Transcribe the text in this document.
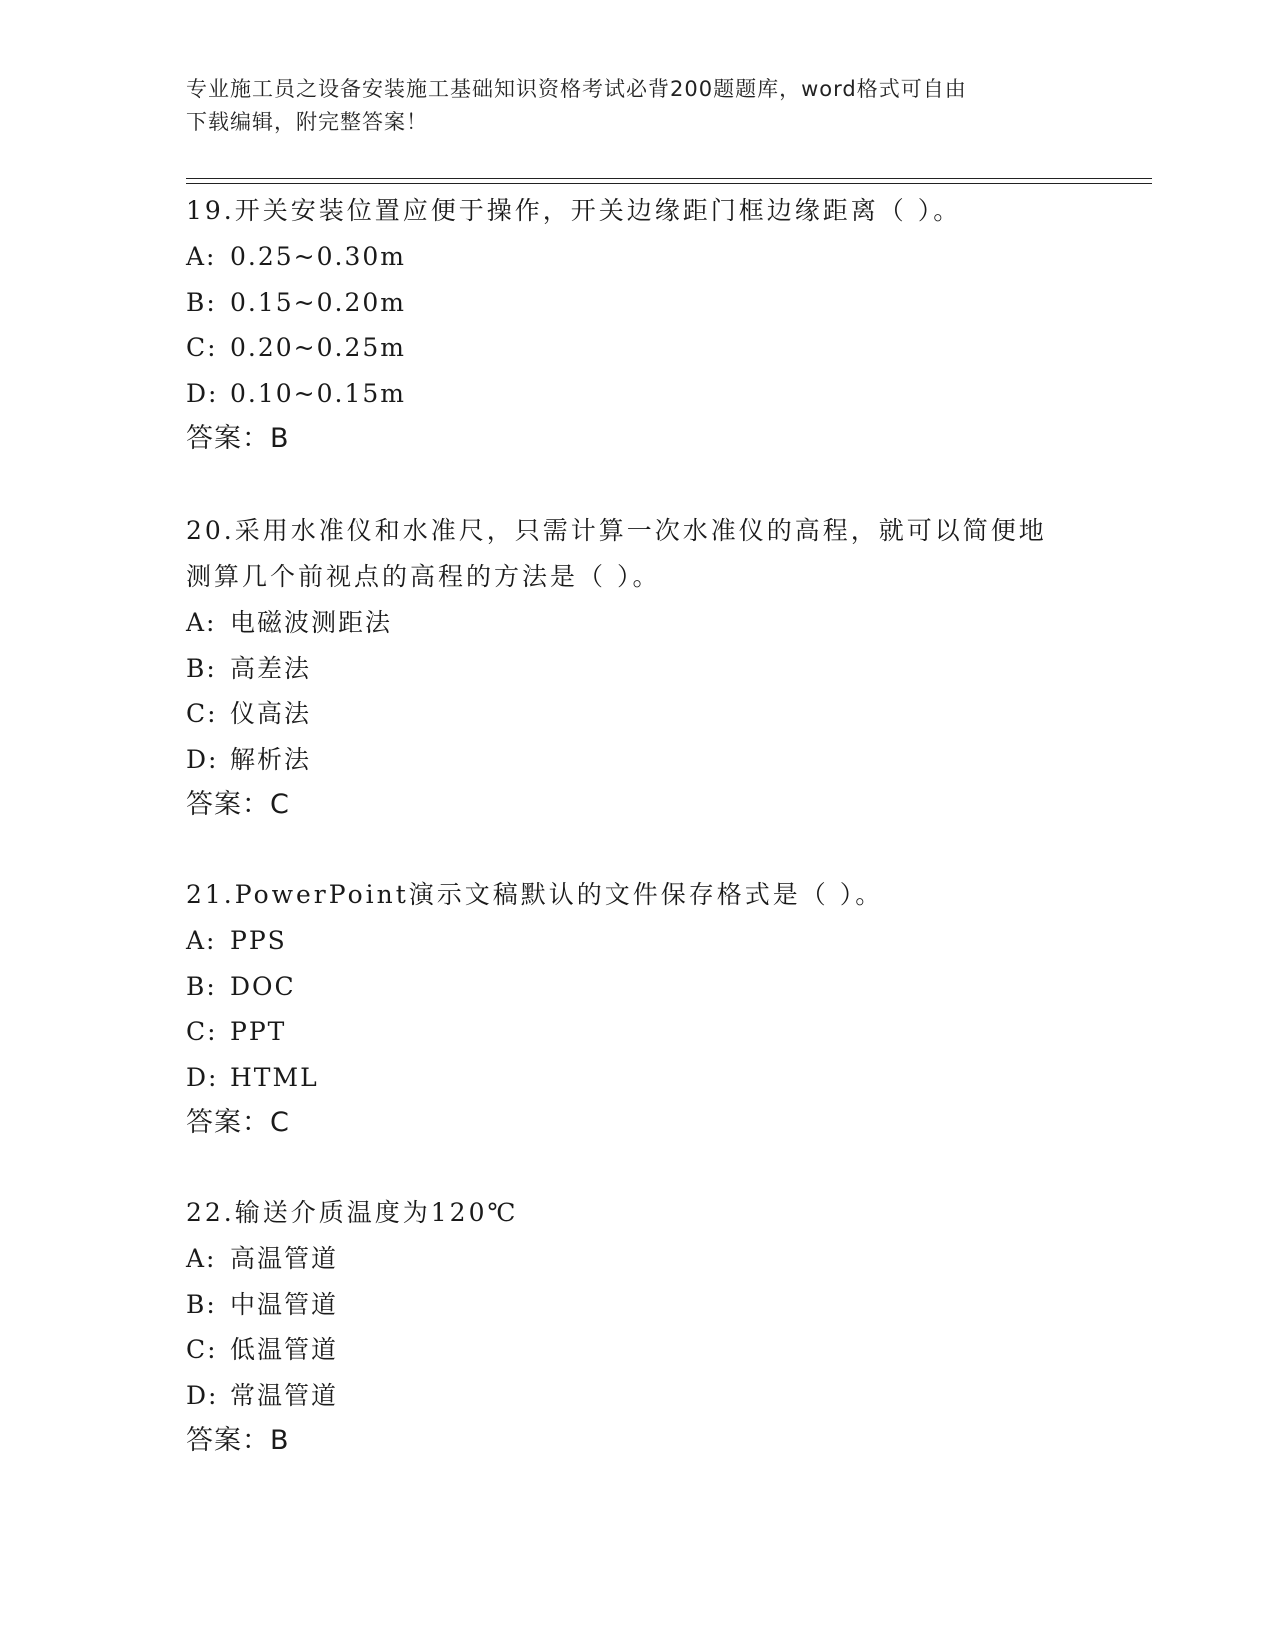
专业施工员之设备安装施工基础知识资格考试必背200题题库，word格式可自由
下载编辑，附完整答案！
19.开关安装位置应便于操作，开关边缘距门框边缘距离（ ）。
A: 0.25~0.30m
B: 0.15~0.20m
C: 0.20~0.25m
D: 0.10~0.15m
答案：B
20.采用水准仪和水准尺，只需计算一次水准仪的高程，就可以简便地
测算几个前视点的高程的方法是（ ）。
A: 电磁波测距法
B: 高差法
C: 仪高法
D: 解析法
答案：C
21.PowerPoint演示文稿默认的文件保存格式是（ ）。
A: PPS
B: DOC
C: PPT
D: HTML
答案：C
22.输送介质温度为120℃
A: 高温管道
B: 中温管道
C: 低温管道
D: 常温管道
答案：B
